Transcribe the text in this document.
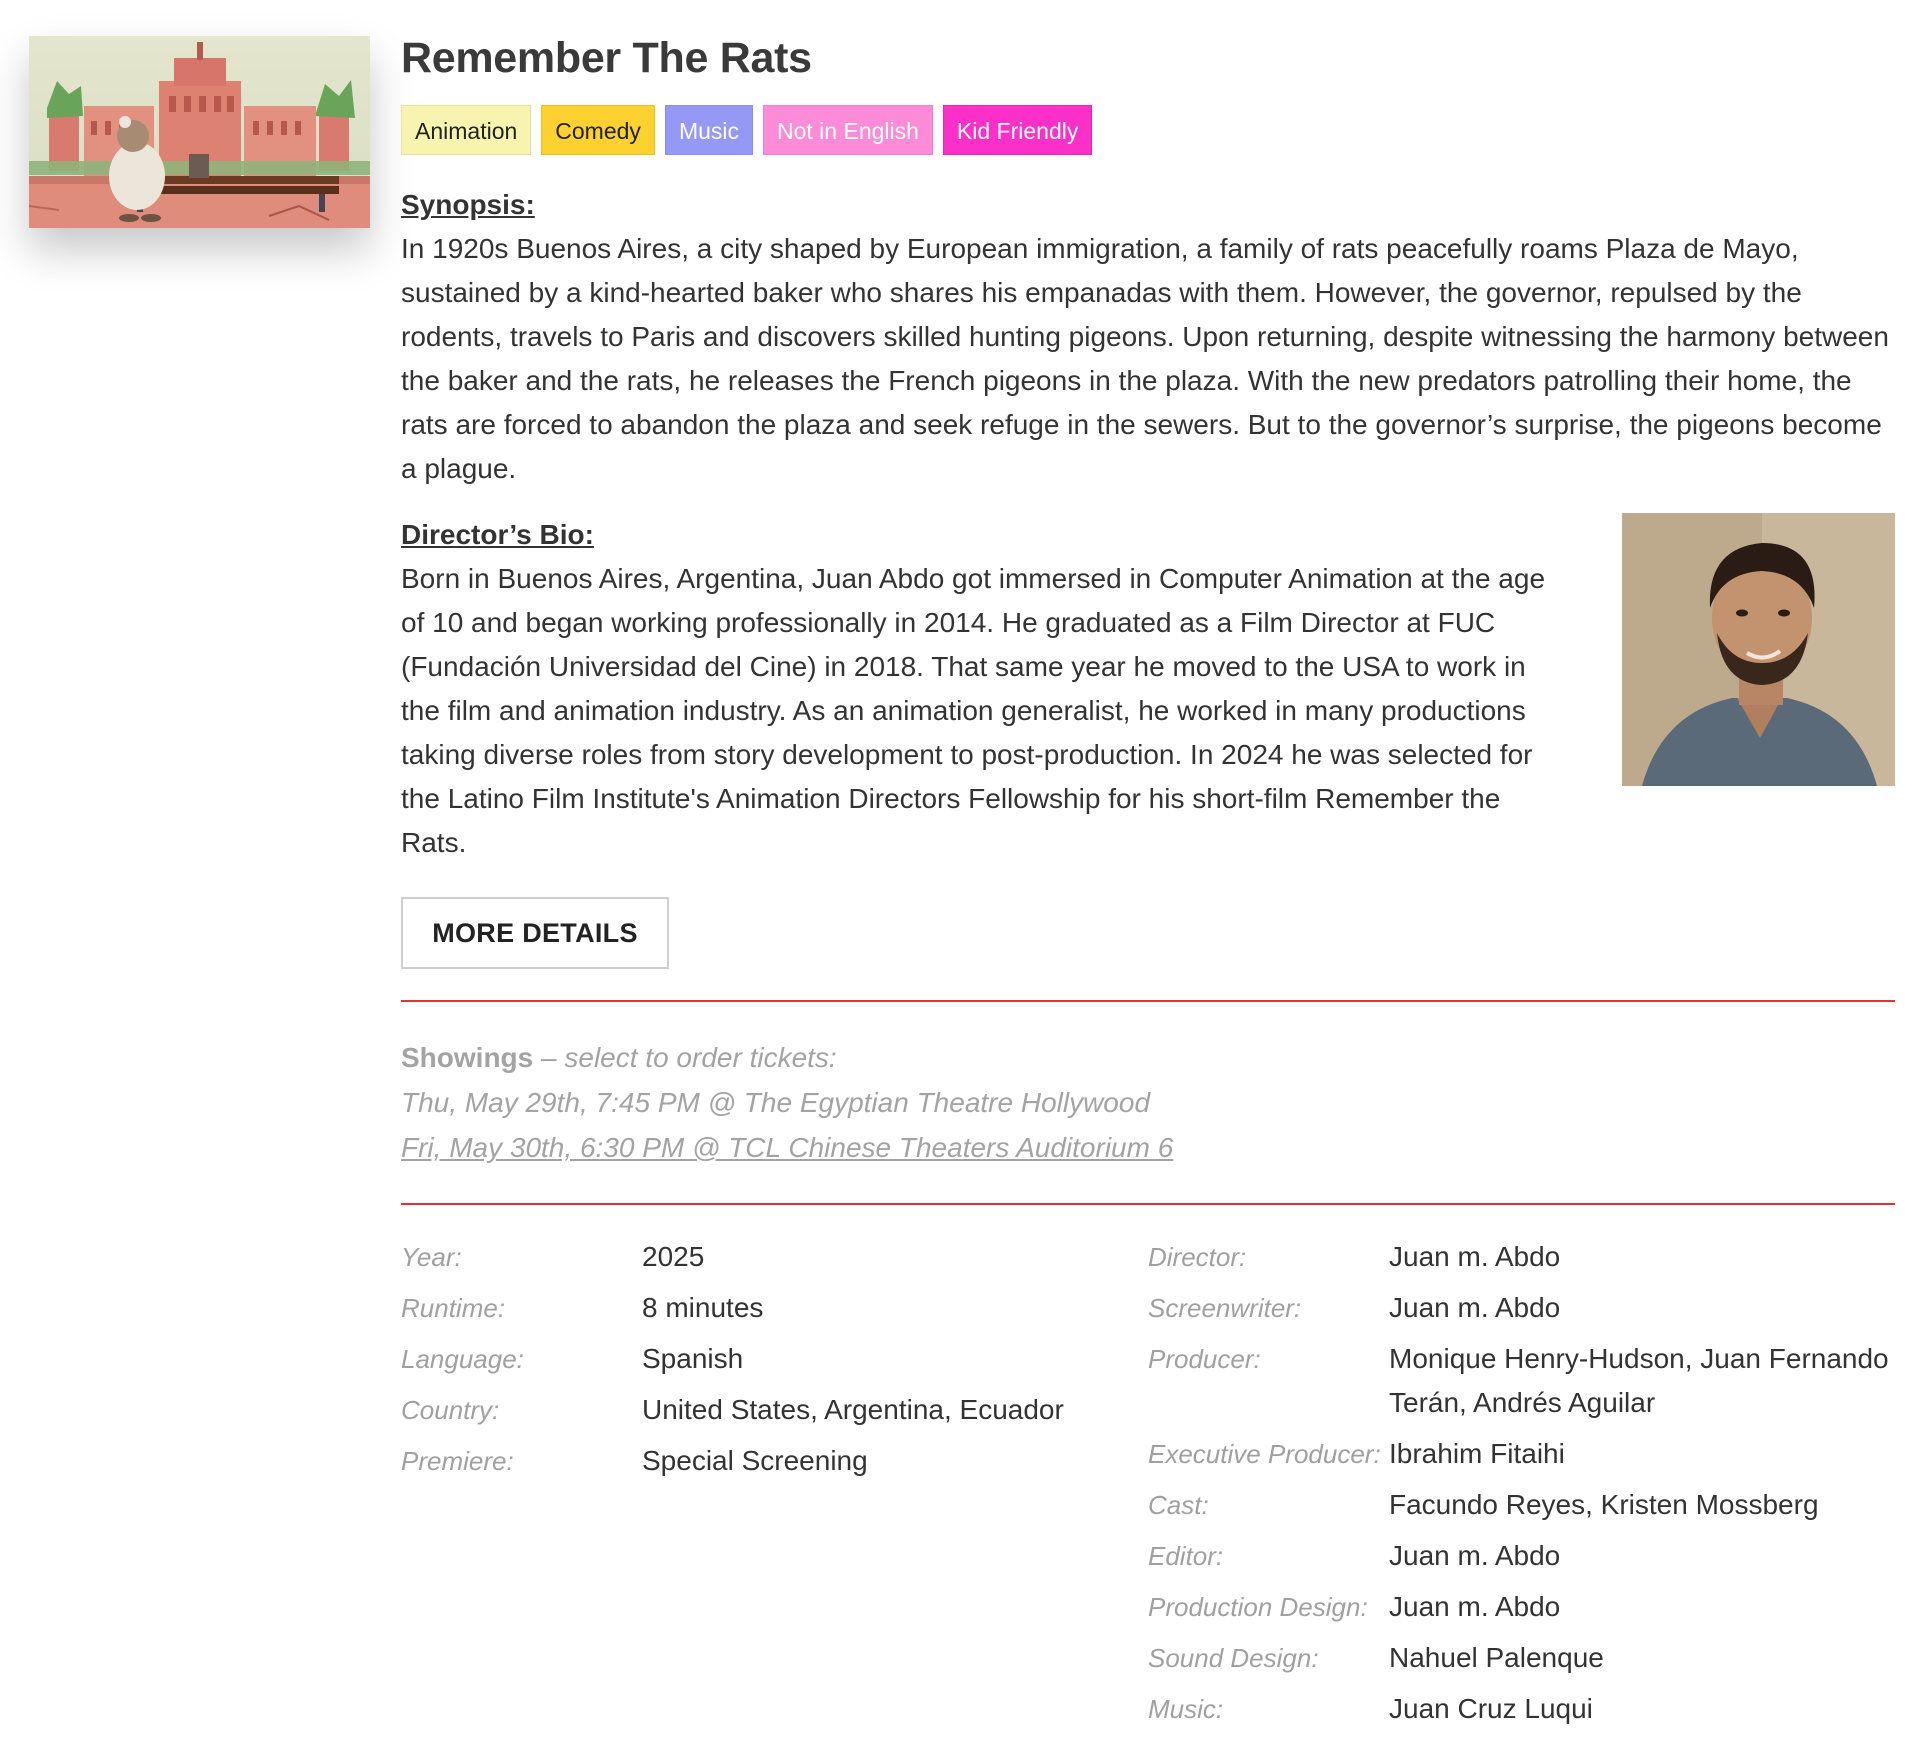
Remember The Rats
Animation	Comedy	Music	Not in English	Kid Friendly
Synopsis:
In 1920s Buenos Aires, a city shaped by European immigration, a family of rats peacefully roams Plaza de Mayo, sustained by a kind-hearted baker who shares his empanadas with them. However, the governor, repulsed by the rodents, travels to Paris and discovers skilled hunting pigeons. Upon returning, despite witnessing the harmony between the baker and the rats, he releases the French pigeons in the plaza. With the new predators patrolling their home, the rats are forced to abandon the plaza and seek refuge in the sewers. But to the governor’s surprise, the pigeons become a plague.
Director’s Bio:
Born in Buenos Aires, Argentina, Juan Abdo got immersed in Computer Animation at the age of 10 and began working professionally in 2014. He graduated as a Film Director at FUC (Fundación Universidad del Cine) in 2018. That same year he moved to the USA to work in the film and animation industry. As an animation generalist, he worked in many productions taking diverse roles from story development to post-production. In 2024 he was selected for the Latino Film Institute's Animation Directors Fellowship for his short-film Remember the Rats.
MORE DETAILS
Showings – select to order tickets:
Thu, May 29th, 7:45 PM @ The Egyptian Theatre Hollywood
Fri, May 30th, 6:30 PM @ TCL Chinese Theaters Auditorium 6
Year:	2025
Runtime:	8 minutes
Language:	Spanish
Country:	United States, Argentina, Ecuador
Premiere:	Special Screening
Director:	Juan m. Abdo
Screenwriter:	Juan m. Abdo
Producer:	Monique Henry-Hudson, Juan Fernando Terán, Andrés Aguilar
Executive Producer: Ibrahim Fitaihi
Cast:	Facundo Reyes, Kristen Mossberg
Editor:	Juan m. Abdo
Production Design: Juan m. Abdo
Sound Design:	Nahuel Palenque
Music:	Juan Cruz Luqui
